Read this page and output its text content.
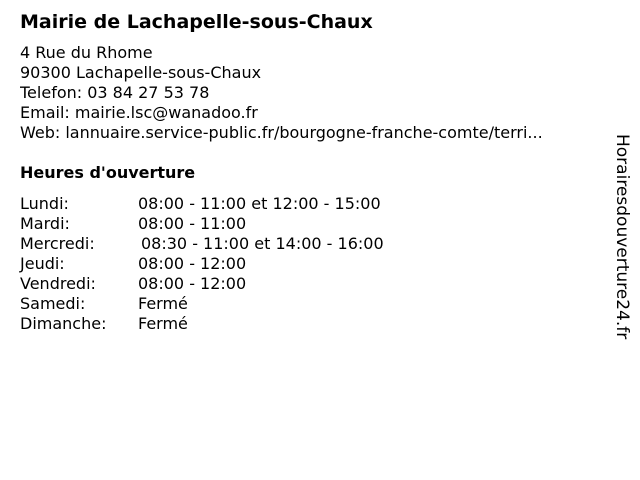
Mairie de Lachapelle-sous-Chaux
4 Rue du Rhome
90300 Lachapelle-sous-Chaux
Telefon: 03 84 27 53 78
Email: mairie.lsc@wanadoo.fr
Web: lannuaire.service-public.fr/bourgogne-franche-comte/terri...
Heures d'ouverture
Lundi:	08:00 - 11:00 et 12:00 - 15:00
Mardi:	08:00 - 11:00
Mercredi:	08:30 - 11:00 et 14:00 - 16:00
Jeudi:	08:00 - 12:00
Vendredi:	08:00 - 12:00
Samedi:	Fermé
Dimanche:	Fermé	Horairesdouverture24.fr
